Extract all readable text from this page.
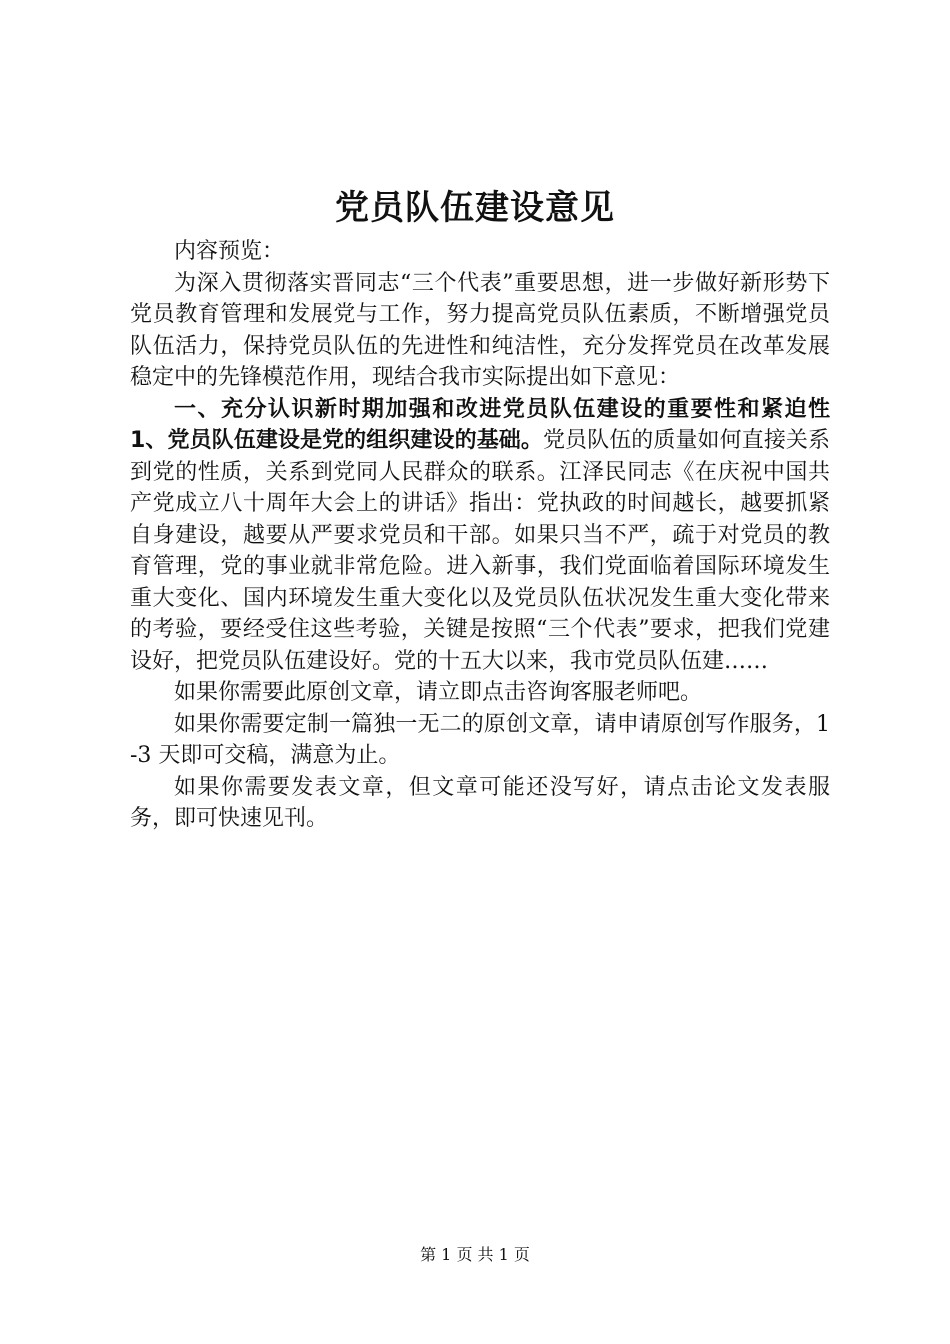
党员队伍建设意见

内容预览：

为深入贯彻落实晋同志“三个代表”重要思想，进一步做好新形势下党员教育管理和发展党与工作，努力提高党员队伍素质，不断增强党员队伍活力，保持党员队伍的先进性和纯洁性，充分发挥党员在改革发展稳定中的先锋模范作用，现结合我市实际提出如下意见：

一、充分认识新时期加强和改进党员队伍建设的重要性和紧迫性 1、党员队伍建设是党的组织建设的基础。党员队伍的质量如何直接关系到党的性质，关系到党同人民群众的联系。江泽民同志《在庆祝中国共产党成立八十周年大会上的讲话》指出：党执政的时间越长，越要抓紧自身建设，越要从严要求党员和干部。如果只当不严，疏于对党员的教育管理，党的事业就非常危险。进入新事，我们党面临着国际环境发生重大变化、国内环境发生重大变化以及党员队伍状况发生重大变化带来的考验，要经受住这些考验，关键是按照“三个代表”要求，把我们党建设好，把党员队伍建设好。党的十五大以来，我市党员队伍建……

如果你需要此原创文章，请立即点击咨询客服老师吧。

如果你需要定制一篇独一无二的原创文章，请申请原创写作服务，1-3 天即可交稿，满意为止。

如果你需要发表文章，但文章可能还没写好，请点击论文发表服务，即可快速见刊。

第 1 页 共 1 页
